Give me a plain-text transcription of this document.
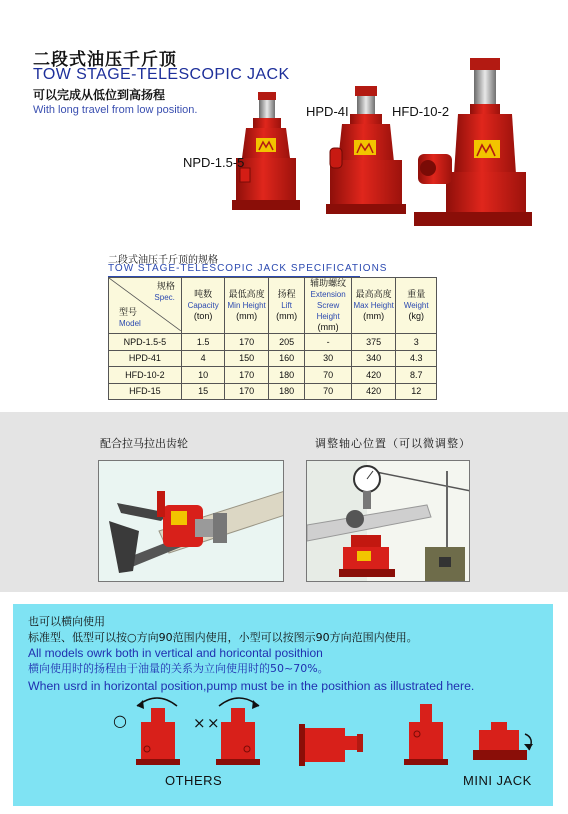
二段式油压千斤顶
TOW STAGE-TELESCOPIC JACK
可以完成从低位到高扬程
With long travel from low position.
NPD-1.5-5
HPD-4I	HFD-10-2
二段式油压千斤顶的规格
TOW STAGE-TELESCOPIC JACK SPECIFICATIONS
规格
Spec.
型号
Model	吨数
Capacity
(ton)	最低高度
Min Height
(mm)	扬程
Lift
(mm)	辅助螺纹
Extension Screw Height
(mm)	最高高度
Max Height
(mm)	重量
Weight
(kg)

NPD-1.5-5	1.5	170	205	-	375	3
HPD-41	4	150	160	30	340	4.3
HFD-10-2	10	170	180	70	420	8.7
HFD-15	15	170	180	70	420	12
配合拉马拉出齿轮	调整轴心位置（可以微调整）
也可以横向使用
标准型、低型可以按○方向90范围内使用，小型可以按图示90方向范围内使用。
All models owrk both in vertical and horicontal posithion
横向使用时的扬程由于油量的关系为立向使用时的50~70%。
When usrd in horizontal position,pump must be in the posithion as illustrated here.
○	× ×
OTHERS	MINI JACK
